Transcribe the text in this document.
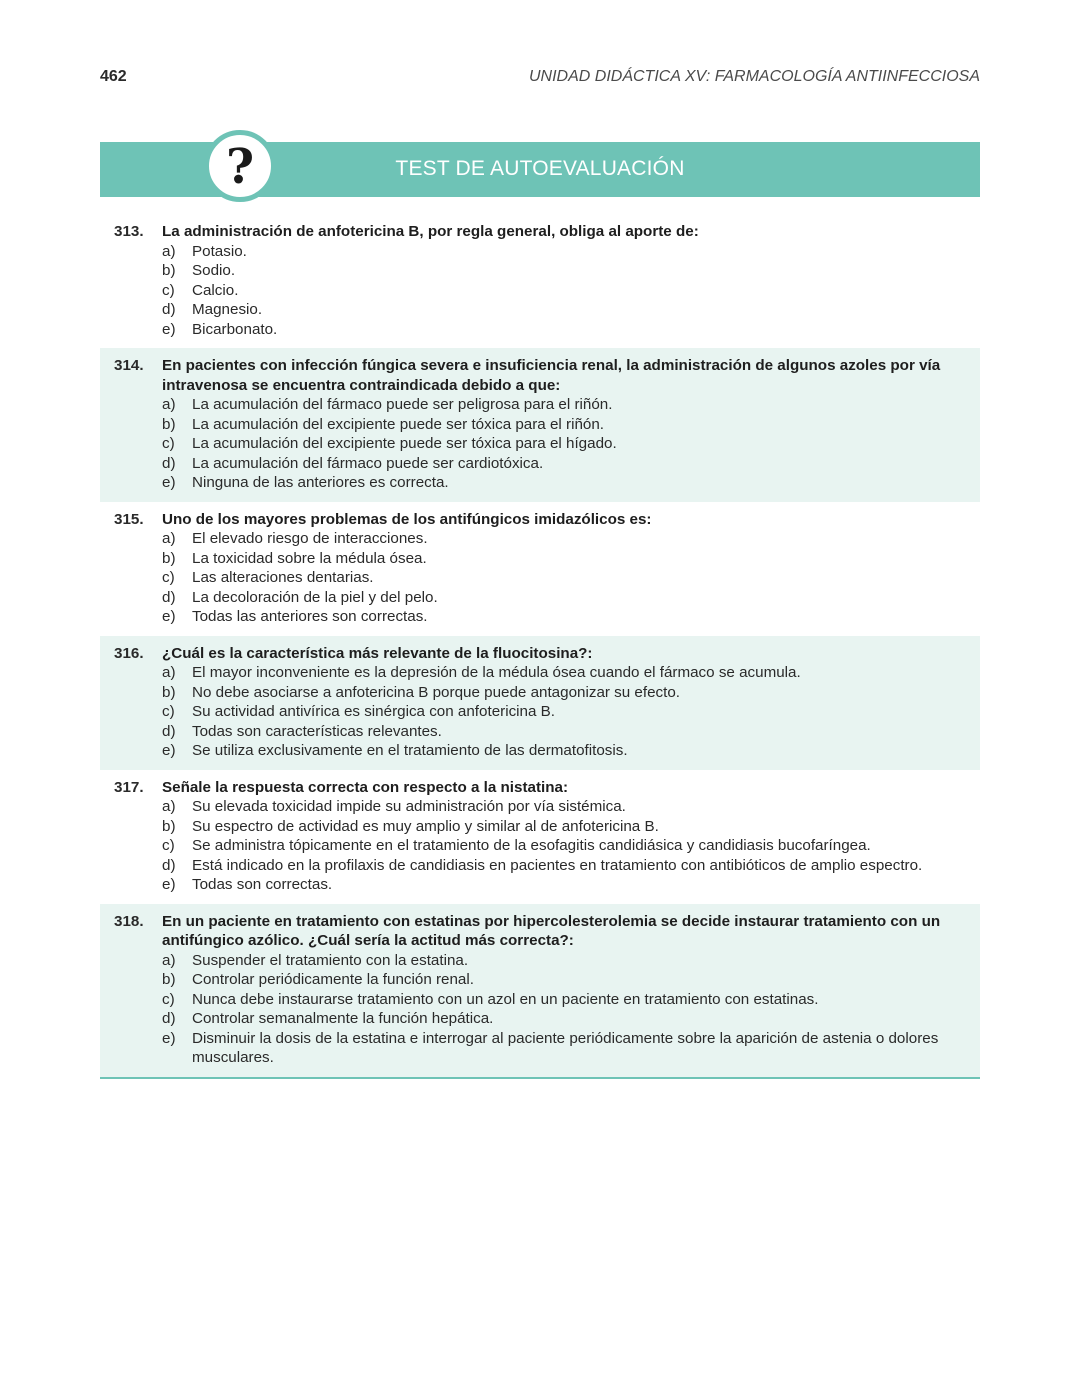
462	UNIDAD DIDÁCTICA XV: FARMACOLOGÍA ANTIINFECCIOSA
TEST DE AUTOEVALUACIÓN
?
313.	La administración de anfotericina B, por regla general, obliga al aporte de:
a)	Potasio.
b)	Sodio.
c)	Calcio.
d)	Magnesio.
e)	Bicarbonato.
314.	En pacientes con infección fúngica severa e insuficiencia renal, la administración de algunos azoles por vía intravenosa se encuentra contraindicada debido a que:
a)	La acumulación del fármaco puede ser peligrosa para el riñón.
b)	La acumulación del excipiente puede ser tóxica para el riñón.
c)	La acumulación del excipiente puede ser tóxica para el hígado.
d)	La acumulación del fármaco puede ser cardiotóxica.
e)	Ninguna de las anteriores es correcta.
315.	Uno de los mayores problemas de los antifúngicos imidazólicos es:
a)	El elevado riesgo de interacciones.
b)	La toxicidad sobre la médula ósea.
c)	Las alteraciones dentarias.
d)	La decoloración de la piel y del pelo.
e)	Todas las anteriores son correctas.
316.	¿Cuál es la característica más relevante de la fluocitosina?:
a)	El mayor inconveniente es la depresión de la médula ósea cuando el fármaco se acumula.
b)	No debe asociarse a anfotericina B porque puede antagonizar su efecto.
c)	Su actividad antivírica es sinérgica con anfotericina B.
d)	Todas son características relevantes.
e)	Se utiliza exclusivamente en el tratamiento de las dermatofitosis.
317.	Señale la respuesta correcta con respecto a la nistatina:
a)	Su elevada toxicidad impide su administración por vía sistémica.
b)	Su espectro de actividad es muy amplio y similar al de anfotericina B.
c)	Se administra tópicamente en el tratamiento de la esofagitis candidiásica y candidiasis bucofaríngea.
d)	Está indicado en la profilaxis de candidiasis en pacientes en tratamiento con antibióticos de amplio espectro.
e)	Todas son correctas.
318.	En un paciente en tratamiento con estatinas por hipercolesterolemia se decide instaurar tratamiento con un antifúngico azólico. ¿Cuál sería la actitud más correcta?:
a)	Suspender el tratamiento con la estatina.
b)	Controlar periódicamente la función renal.
c)	Nunca debe instaurarse tratamiento con un azol en un paciente en tratamiento con estatinas.
d)	Controlar semanalmente la función hepática.
e)	Disminuir la dosis de la estatina e interrogar al paciente periódicamente sobre la aparición de astenia o dolores musculares.
